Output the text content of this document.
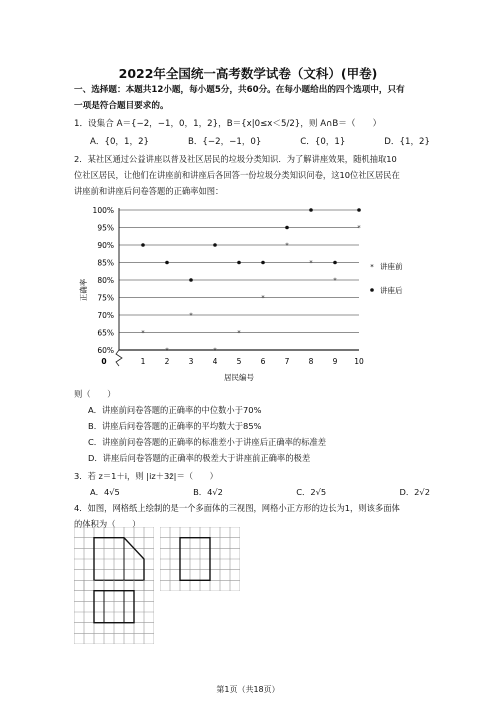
2022年全国统一高考数学试卷（文科）(甲卷)
一、选择题：本题共12小题，每小题5分，共60分。在每小题给出的四个选项中，只有
一项是符合题目要求的。
1．设集合 A＝{−2，−1，0，1，2}，B＝{x|0≤x＜5/2}，则 A∩B＝（　　）
A．{0，1，2}	B．{−2，−1，0}	C．{0，1}	D．{1，2}
2．某社区通过公益讲座以普及社区居民的垃圾分类知识．为了解讲座效果，随机抽取10
位社区居民，让他们在讲座前和讲座后各回答一份垃圾分类知识问卷，这10位社区居民在
讲座前和讲座后问卷答题的正确率如图：
60%
65%
70%
75%
80%
85%
90%
95%
100%
0	1	2	3	4	5	6	7	8	9 10
居民编号
正确率
*
*
*
*
*
*
*
*
*
*
* 讲座前
讲座后
则（　　）
A．讲座前问卷答题的正确率的中位数小于70%
B．讲座后问卷答题的正确率的平均数大于85%
C．讲座前问卷答题的正确率的标准差小于讲座后正确率的标准差
D．讲座后问卷答题的正确率的极差大于讲座前正确率的极差
3．若 z＝1＋i，则 |iz＋3z̄|＝（　　）
A．4√5	B．4√2	C．2√5	D．2√2
4．如图，网格纸上绘制的是一个多面体的三视图，网格小正方形的边长为1，则该多面体
的体积为（　　）
第1页（共18页）
